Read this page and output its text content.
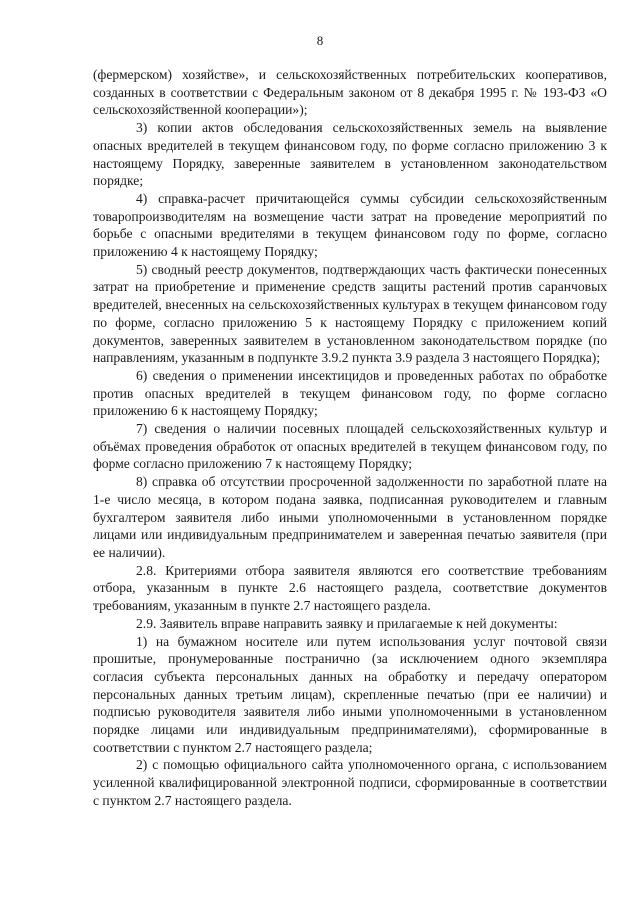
8

(фермерском) хозяйстве», и сельскохозяйственных потребительских кооперативов, созданных в соответствии с Федеральным законом от 8 декабря 1995 г. № 193-ФЗ «О сельскохозяйственной кооперации»);

3) копии актов обследования сельскохозяйственных земель на выявление опасных вредителей в текущем финансовом году, по форме согласно приложению 3 к настоящему Порядку, заверенные заявителем в установленном законодательством порядке;

4) справка-расчет причитающейся суммы субсидии сельскохозяйственным товаропроизводителям на возмещение части затрат на проведение мероприятий по борьбе с опасными вредителями в текущем финансовом году по форме, согласно приложению 4 к настоящему Порядку;

5) сводный реестр документов, подтверждающих часть фактически понесенных затрат на приобретение и применение средств защиты растений против саранчовых вредителей, внесенных на сельскохозяйственных культурах в текущем финансовом году по форме, согласно приложению 5 к настоящему Порядку с приложением копий документов, заверенных заявителем в установленном законодательством порядке (по направлениям, указанным в подпункте 3.9.2 пункта 3.9 раздела 3 настоящего Порядка);

6) сведения о применении инсектицидов и проведенных работах по обработке против опасных вредителей в текущем финансовом году, по форме согласно приложению 6 к настоящему Порядку;

7) сведения о наличии посевных площадей сельскохозяйственных культур и объёмах проведения обработок от опасных вредителей в текущем финансовом году, по форме согласно приложению 7 к настоящему Порядку;

8) справка об отсутствии просроченной задолженности по заработной плате на 1-е число месяца, в котором подана заявка, подписанная руководителем и главным бухгалтером заявителя либо иными уполномоченными в установленном порядке лицами или индивидуальным предпринимателем и заверенная печатью заявителя (при ее наличии).

2.8. Критериями отбора заявителя являются его соответствие требованиям отбора, указанным в пункте 2.6 настоящего раздела, соответствие документов требованиям, указанным в пункте 2.7 настоящего раздела.

2.9. Заявитель вправе направить заявку и прилагаемые к ней документы:

1) на бумажном носителе или путем использования услуг почтовой связи прошитые, пронумерованные постранично (за исключением одного экземпляра согласия субъекта персональных данных на обработку и передачу оператором персональных данных третьим лицам), скрепленные печатью (при ее наличии) и подписью руководителя заявителя либо иными уполномоченными в установленном порядке лицами или индивидуальным предпринимателями), сформированные в соответствии с пунктом 2.7 настоящего раздела;

2) с помощью официального сайта уполномоченного органа, с использованием усиленной квалифицированной электронной подписи, сформированные в соответствии с пунктом 2.7 настоящего раздела.
